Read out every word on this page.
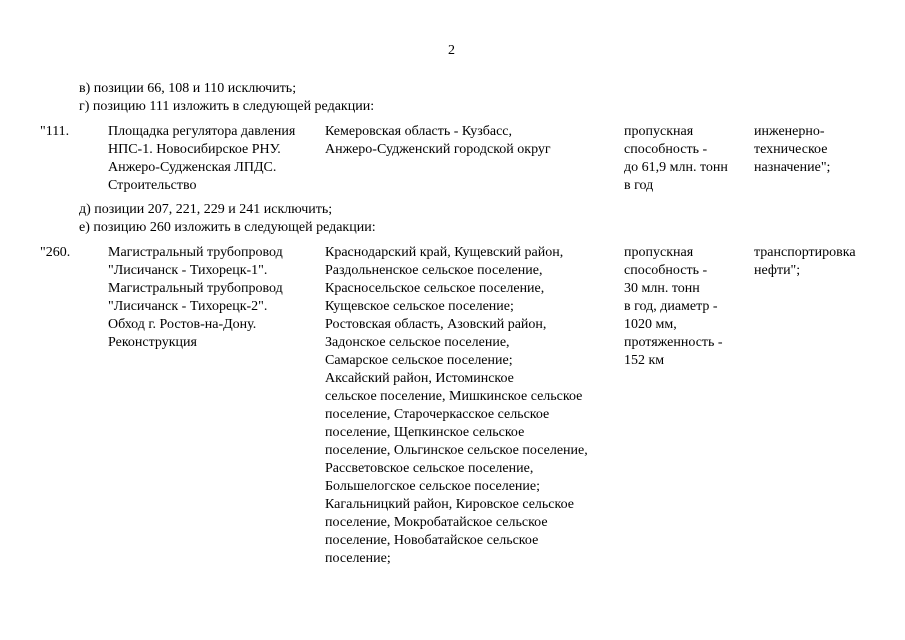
2
в) позиции 66, 108 и 110 исключить;
г) позицию 111 изложить в следующей редакции:
"111.	Площадка регулятора давления
НПС-1. Новосибирское РНУ.
Анжеро-Судженская ЛПДС.
Строительство
Кемеровская область - Кузбасс,
Анжеро-Судженский городской округ
пропускная
способность -
до 61,9 млн. тонн
в год
инженерно-
техническое
назначение";
д) позиции 207, 221, 229 и 241 исключить;
е) позицию 260 изложить в следующей редакции:
"260.	Магистральный трубопровод
"Лисичанск - Тихорецк-1".
Магистральный трубопровод
"Лисичанск - Тихорецк-2".
Обход г. Ростов-на-Дону.
Реконструкция
Краснодарский край, Кущевский район,
Раздольненское сельское поселение,
Красносельское сельское поселение,
Кущевское сельское поселение;
Ростовская область, Азовский район,
Задонское сельское поселение,
Самарское сельское поселение;
Аксайский район, Истоминское
сельское поселение, Мишкинское сельское
поселение, Старочеркасское сельское
поселение, Щепкинское сельское
поселение, Ольгинское сельское поселение,
Рассветовское сельское поселение,
Большелогское сельское поселение;
Кагальницкий район, Кировское сельское
поселение, Мокробатайское сельское
поселение, Новобатайское сельское
поселение;
пропускная
способность -
30 млн. тонн
в год, диаметр -
1020 мм,
протяженность -
152 км
транспортировка
нефти";
